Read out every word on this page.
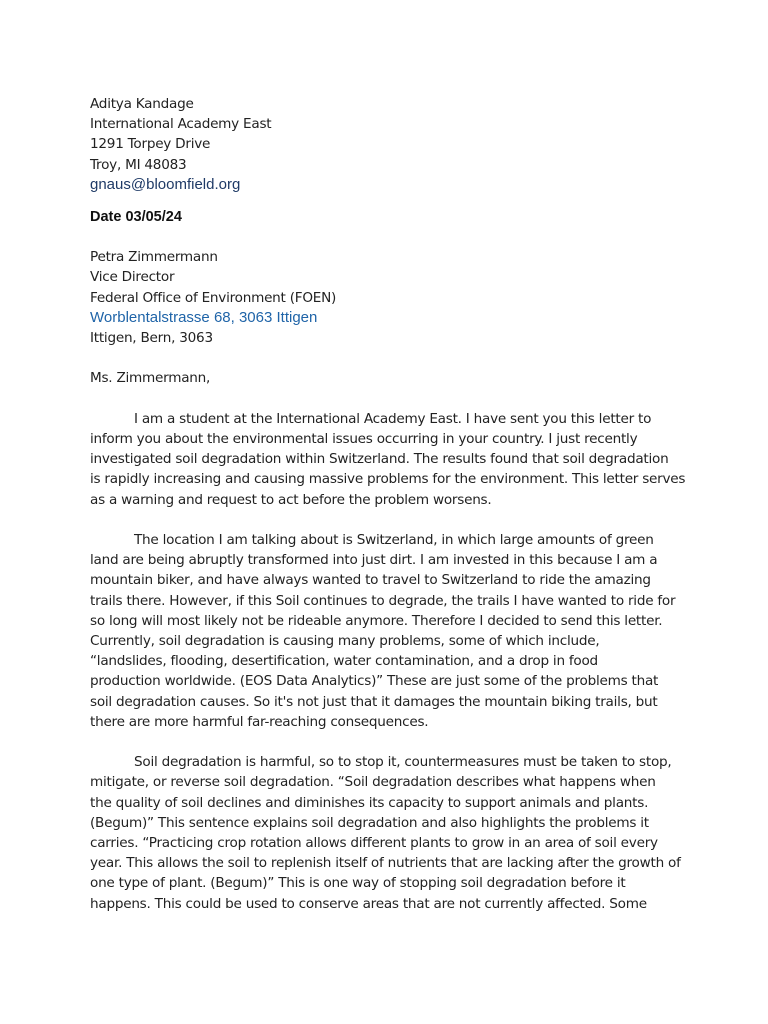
Aditya Kandage
International Academy East
1291 Torpey Drive
Troy, MI 48083
gnaus@bloomfield.org
Date 03/05/24
Petra Zimmermann
Vice Director
Federal Office of Environment (FOEN)
Worblentalstrasse 68, 3063 Ittigen
Ittigen, Bern, 3063
Ms. Zimmermann,
I am a student at the International Academy East. I have sent you this letter to
inform you about the environmental issues occurring in your country. I just recently
investigated soil degradation within Switzerland. The results found that soil degradation
is rapidly increasing and causing massive problems for the environment. This letter serves
as a warning and request to act before the problem worsens.
The location I am talking about is Switzerland, in which large amounts of green
land are being abruptly transformed into just dirt. I am invested in this because I am a
mountain biker, and have always wanted to travel to Switzerland to ride the amazing
trails there. However, if this Soil continues to degrade, the trails I have wanted to ride for
so long will most likely not be rideable anymore. Therefore I decided to send this letter.
Currently, soil degradation is causing many problems, some of which include,
“landslides, flooding, desertification, water contamination, and a drop in food
production worldwide. (EOS Data Analytics)” These are just some of the problems that
soil degradation causes. So it's not just that it damages the mountain biking trails, but
there are more harmful far-reaching consequences.
Soil degradation is harmful, so to stop it, countermeasures must be taken to stop,
mitigate, or reverse soil degradation. “Soil degradation describes what happens when
the quality of soil declines and diminishes its capacity to support animals and plants.
(Begum)” This sentence explains soil degradation and also highlights the problems it
carries. “Practicing crop rotation allows different plants to grow in an area of soil every
year. This allows the soil to replenish itself of nutrients that are lacking after the growth of
one type of plant. (Begum)” This is one way of stopping soil degradation before it
happens. This could be used to conserve areas that are not currently affected. Some
